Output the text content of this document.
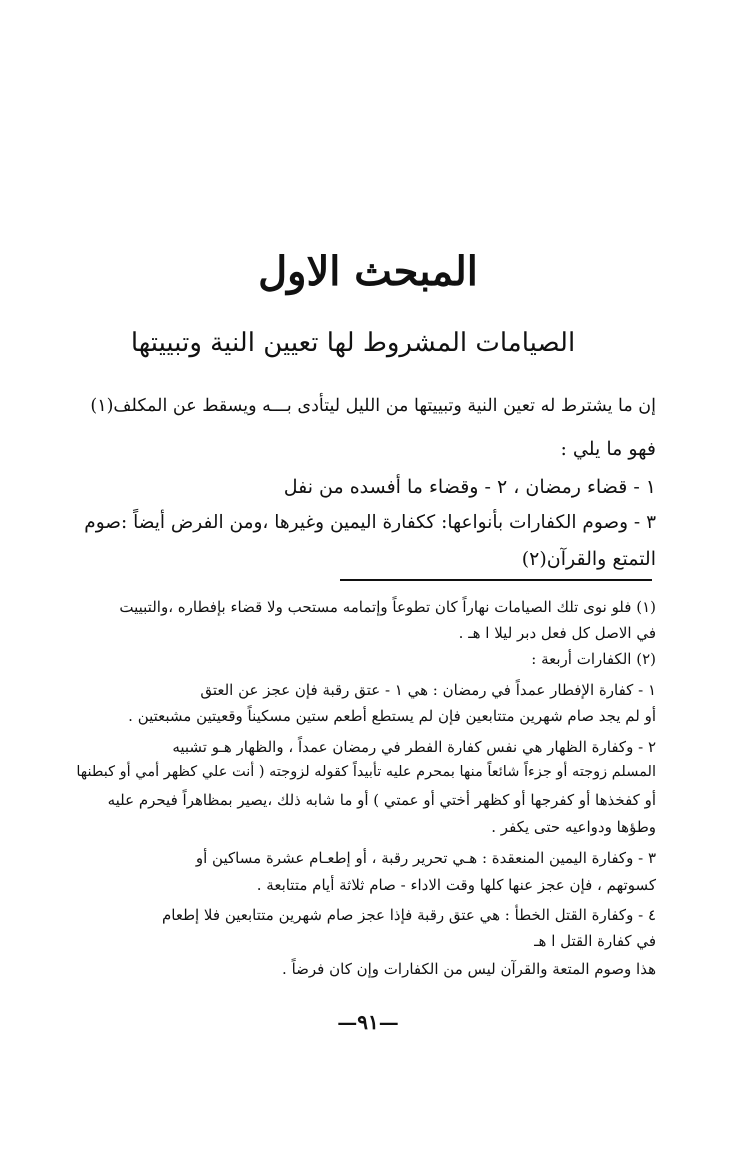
المبحث الاول
الصيامات المشروط لها تعيين النية وتبييتها
إن ما يشترط له تعين النية وتبييتها من الليل ليتأدى بـــه ويسقط عن المكلف(١)
فهو ما يلي :
١ - قضاء رمضان ، ٢ - وقضاء ما أفسده من نفل
٣ - وصوم الكفارات بأنواعها: ككفارة اليمين وغيرها ،ومن الفرض أيضاً :صوم
التمتع والقرآن(٢)
(١) فلو نوى تلك الصيامات نهاراً كان تطوعاً وإتمامه مستحب ولا قضاء بإفطاره ،والتبييت
في الاصل كل فعل دبر ليلا ا هـ .
(٢) الكفارات أربعة :
١ - كفارة الإفطار عمداً في رمضان : هي ١ - عتق رقبة فإن عجز عن العتق
أو لم يجد صام شهرين متتابعين فإن لم يستطع أطعم ستين مسكيناً وقعيتين مشبعتين .
٢ - وكفارة الظهار هي نفس كفارة الفطر في رمضان عمداً ، والظهار هـو تشبيه
المسلم زوجته أو جزءاً شائعاً منها بمحرم عليه تأبيداً كقوله لزوجته ( أنت علي كظهر أمي أو كبطنها
أو كفخذها أو كفرجها أو كظهر أختي أو عمتي ) أو ما شابه ذلك ،يصير بمظاهراً فيحرم عليه
وطؤها ودواعيه حتى يكفر .
٣ - وكفارة اليمين المنعقدة : هـي تحرير رقبة ، أو إطعـام عشرة مساكين أو
كسوتهم ، فإن عجز عنها كلها وقت الاداء - صام ثلاثة أيام متتابعة .
٤ - وكفارة القتل الخطأ : هي عتق رقبة فإذا عجز صام شهرين متتابعين فلا إطعام
في كفارة القتل ا هـ
هذا وصوم المتعة والقرآن ليس من الكفارات وإن كان فرضاً .
—٩١—
